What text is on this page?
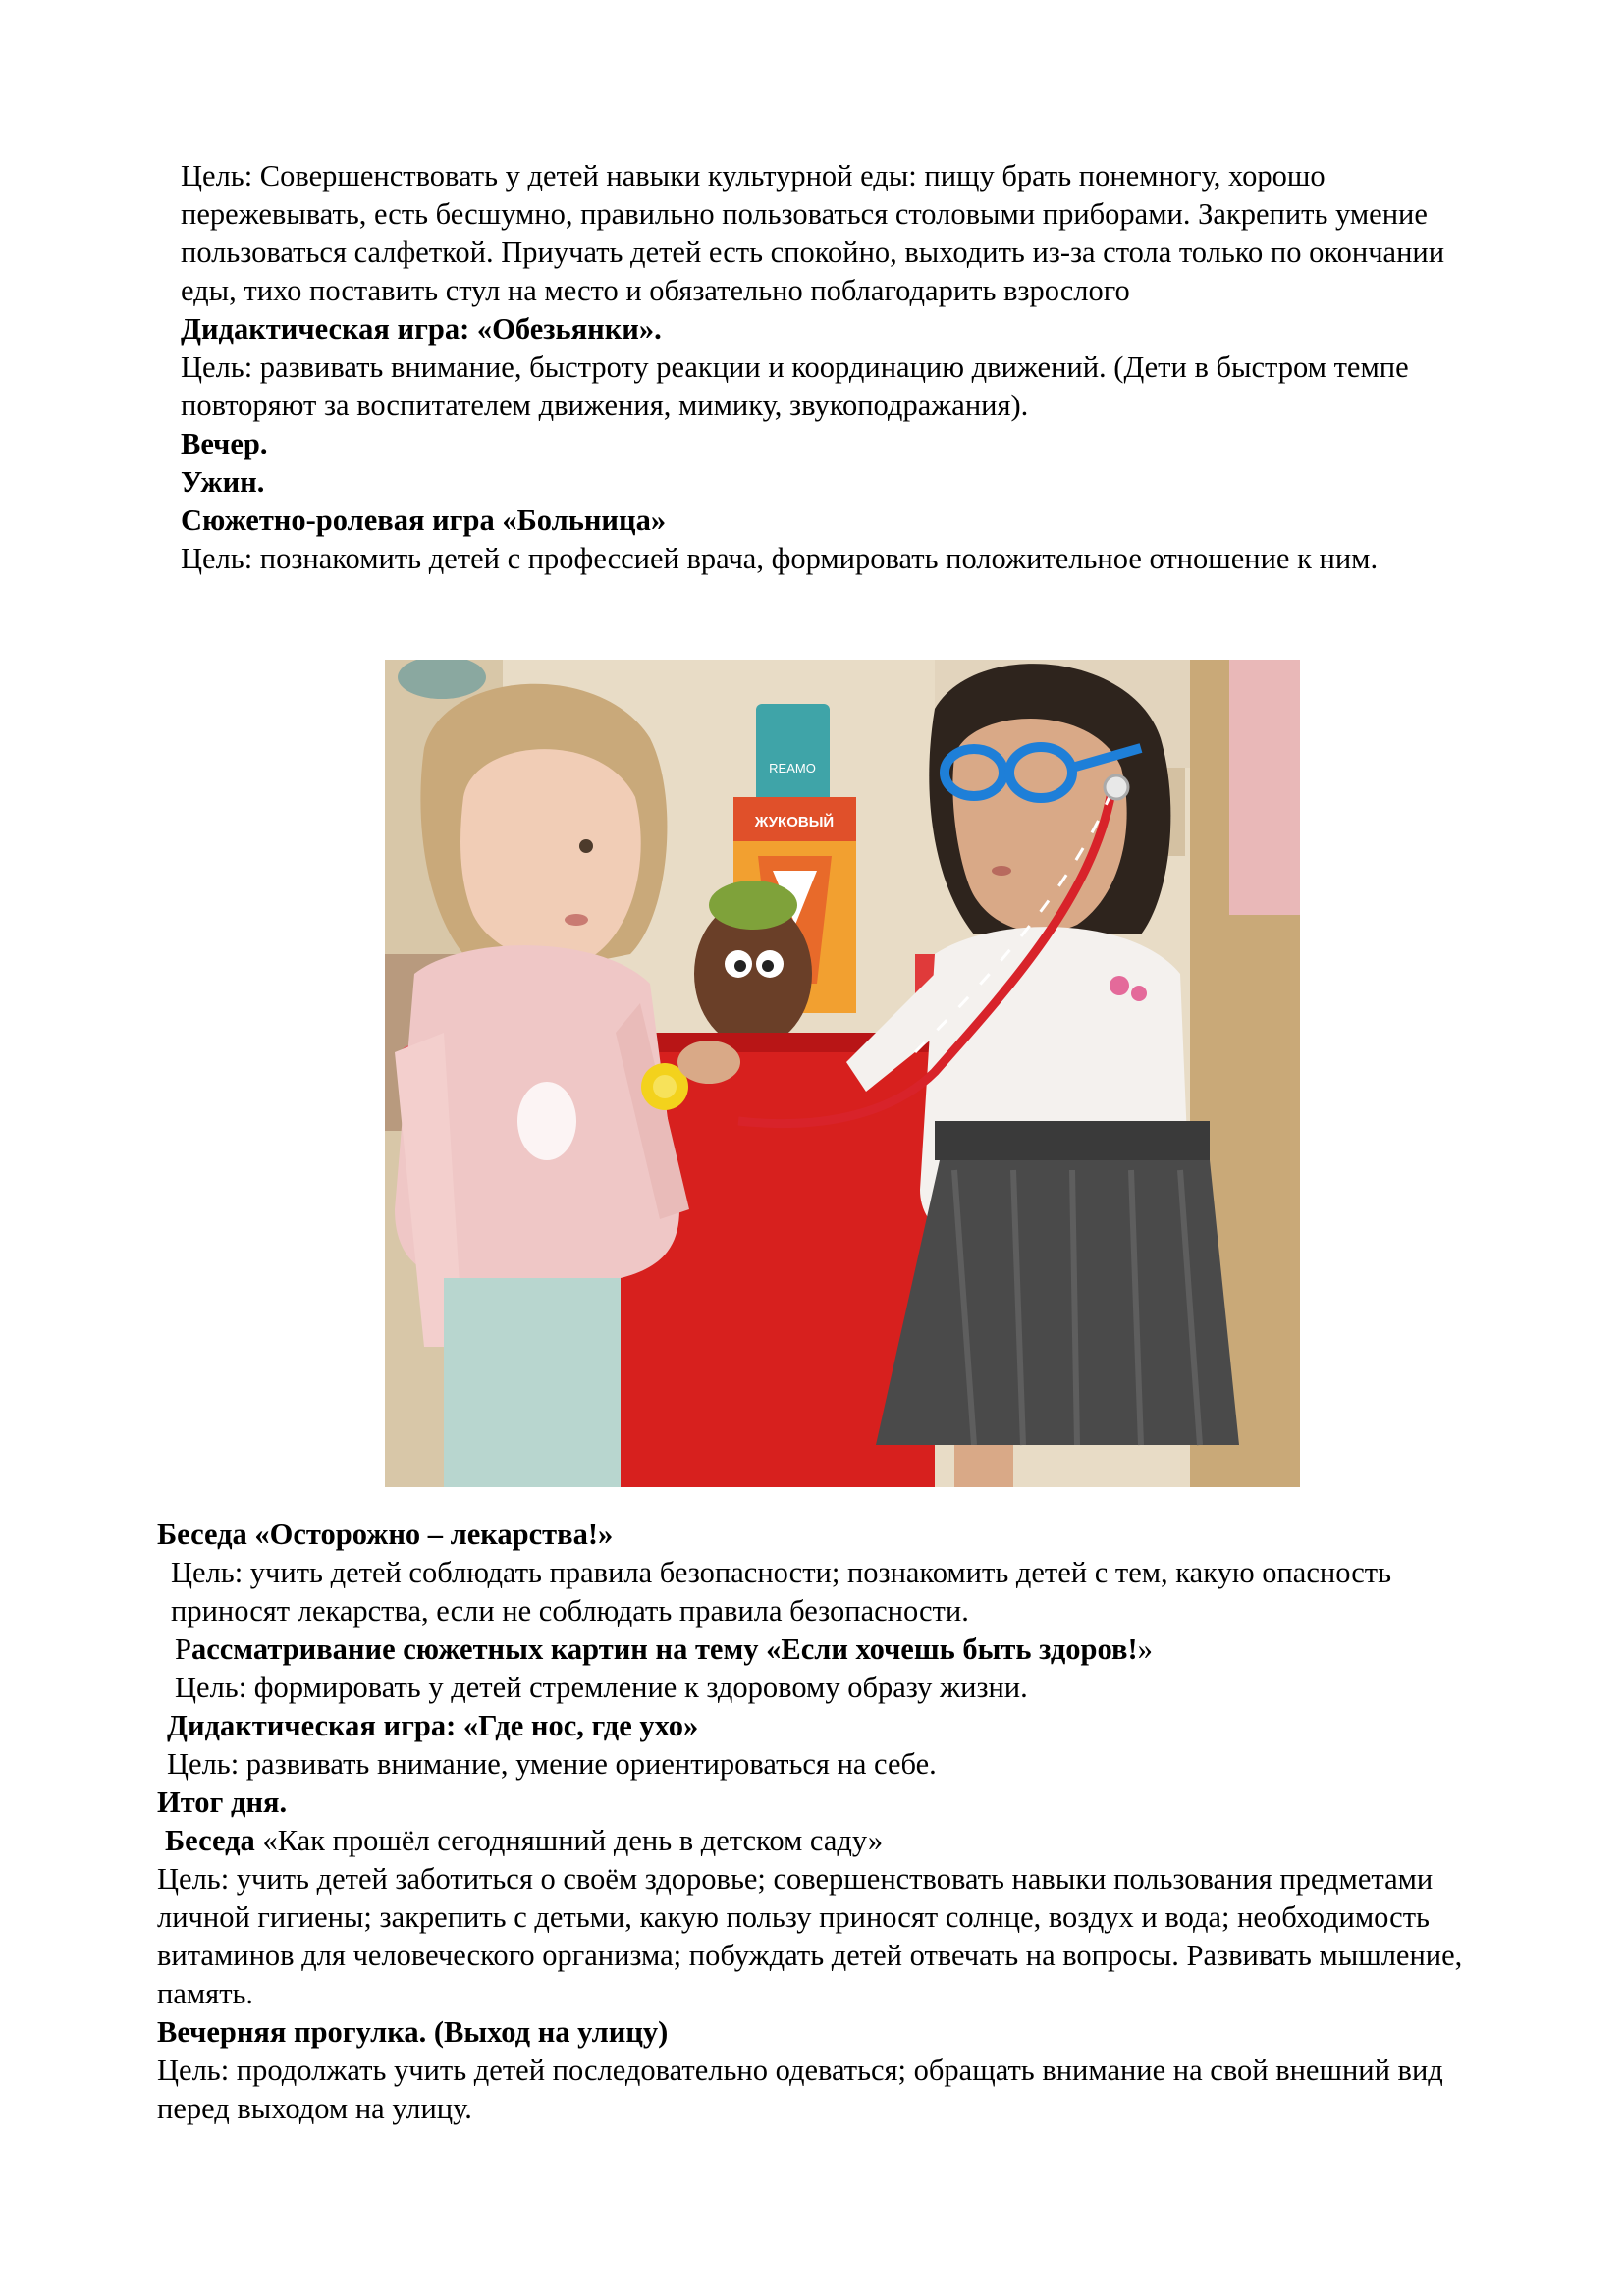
Цель: Совершенствовать у детей навыки культурной еды: пищу брать понемногу, хорошо пережевывать, есть бесшумно, правильно пользоваться столовыми приборами. Закрепить умение пользоваться салфеткой. Приучать детей есть спокойно, выходить из-за стола только по окончании еды, тихо поставить стул на место и обязательно поблагодарить взрослого

Дидактическая игра: «Обезьянки».

Цель: развивать внимание, быстроту реакции и координацию движений. (Дети в быстром темпе повторяют за воспитателем движения, мимику, звукоподражания).

Вечер.

Ужин.

Сюжетно-ролевая игра «Больница»

Цель: познакомить детей с профессией врача, формировать положительное отношение к ним.

REAMO
ЖУКОВЫЙ

Беседа «Осторожно – лекарства!»

Цель: учить детей соблюдать правила безопасности; познакомить детей с тем, какую опасность приносят лекарства, если не соблюдать правила безопасности.

Рассматривание сюжетных картин на тему «Если хочешь быть здоров!»

Цель: формировать у детей стремление к здоровому образу жизни.

Дидактическая игра: «Где нос, где ухо»

Цель: развивать внимание, умение ориентироваться на себе.

Итог дня.

Беседа «Как прошёл сегодняшний день в детском саду»

Цель: учить детей заботиться о своём здоровье; совершенствовать навыки пользования предметами личной гигиены; закрепить с детьми, какую пользу приносят солнце, воздух и вода; необходимость витаминов для человеческого организма; побуждать детей отвечать на вопросы. Развивать мышление, память.

Вечерняя прогулка. (Выход на улицу)

Цель: продолжать учить детей последовательно одеваться; обращать внимание на свой внешний вид перед выходом на улицу.
